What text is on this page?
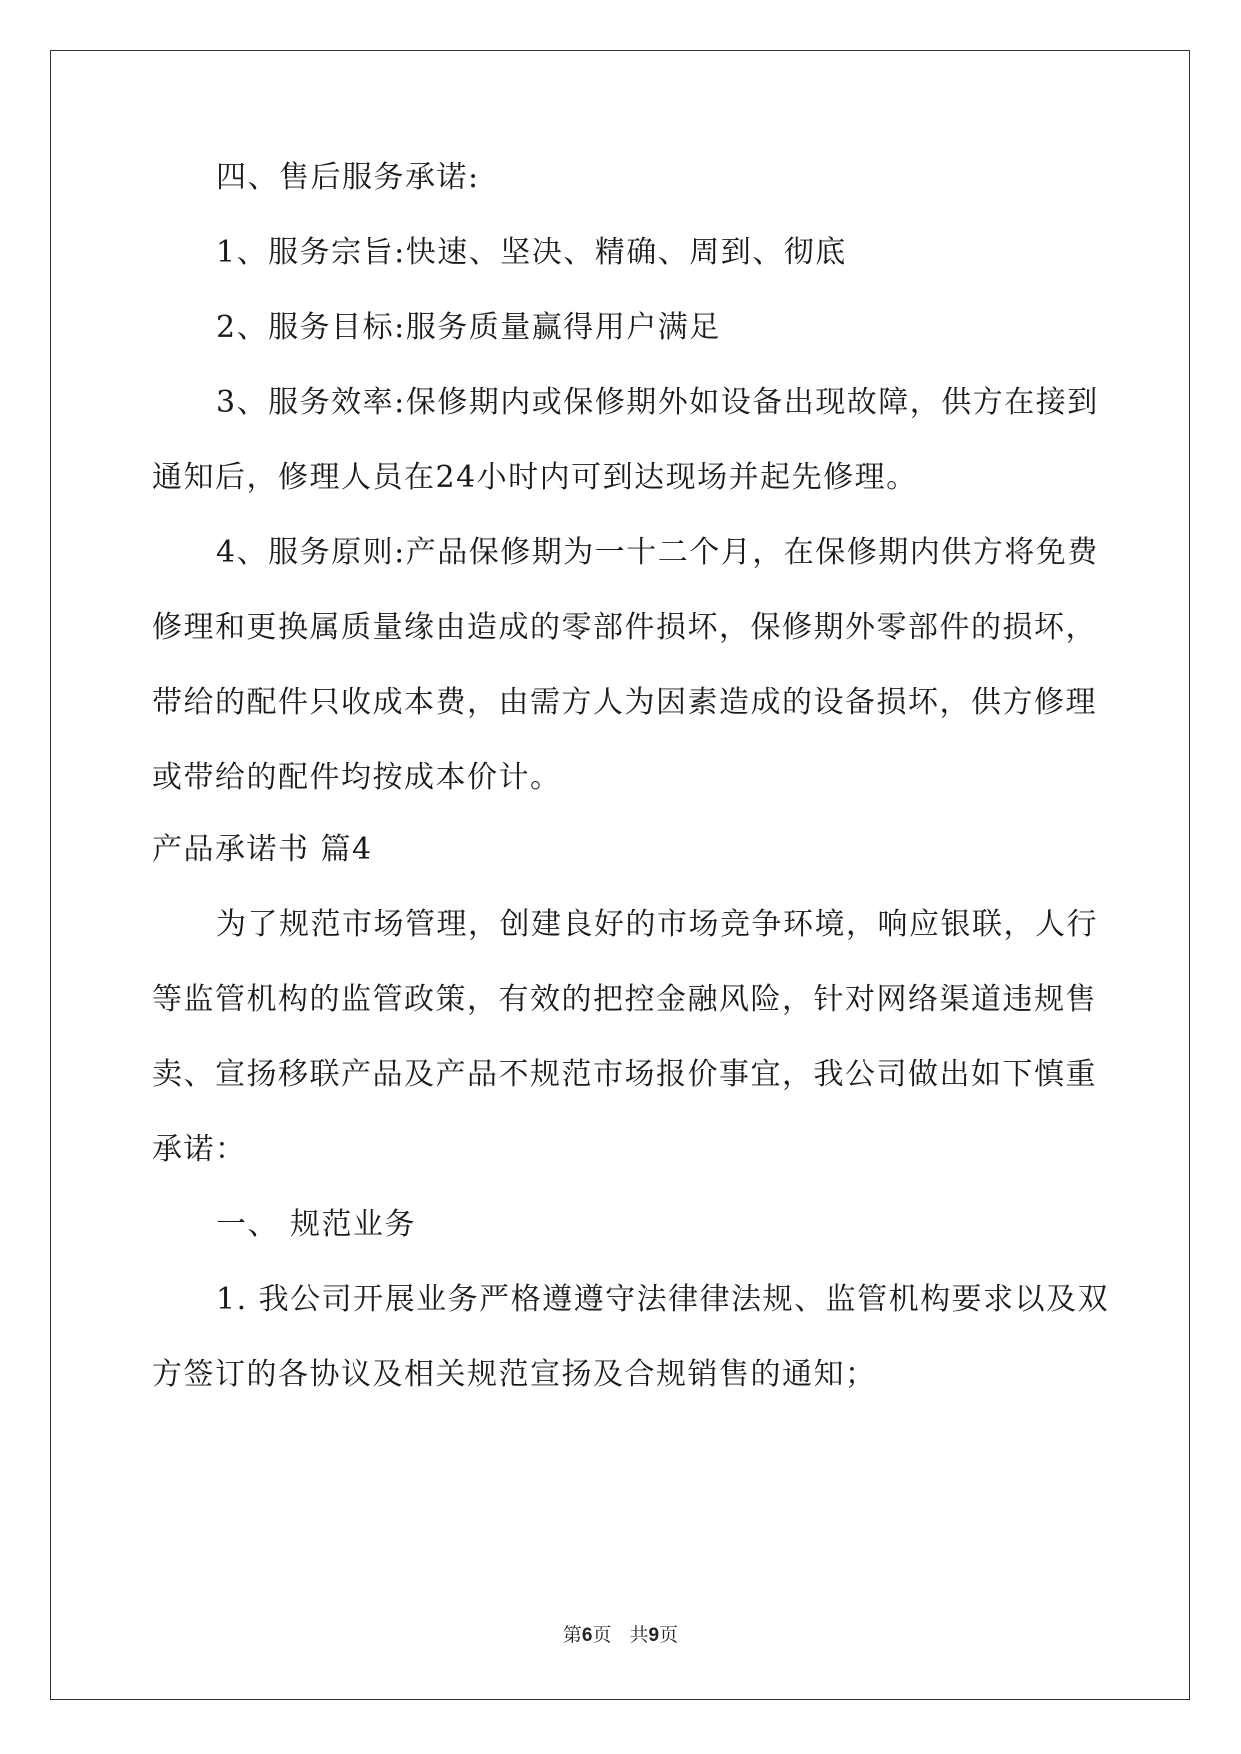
四、售后服务承诺:
1、服务宗旨:快速、坚决、精确、周到、彻底
2、服务目标:服务质量赢得用户满足
3、服务效率:保修期内或保修期外如设备出现故障，供方在接到
通知后，修理人员在24小时内可到达现场并起先修理。
4、服务原则:产品保修期为一十二个月，在保修期内供方将免费
修理和更换属质量缘由造成的零部件损坏，保修期外零部件的损坏，
带给的配件只收成本费，由需方人为因素造成的设备损坏，供方修理
或带给的配件均按成本价计。
产品承诺书 篇4
为了规范市场管理，创建良好的市场竞争环境，响应银联，人行
等监管机构的监管政策，有效的把控金融风险，针对网络渠道违规售
卖、宣扬移联产品及产品不规范市场报价事宜，我公司做出如下慎重
承诺：
一、 规范业务
1. 我公司开展业务严格遵遵守法律律法规、监管机构要求以及双
方签订的各协议及相关规范宣扬及合规销售的通知；
第6页 共9页
